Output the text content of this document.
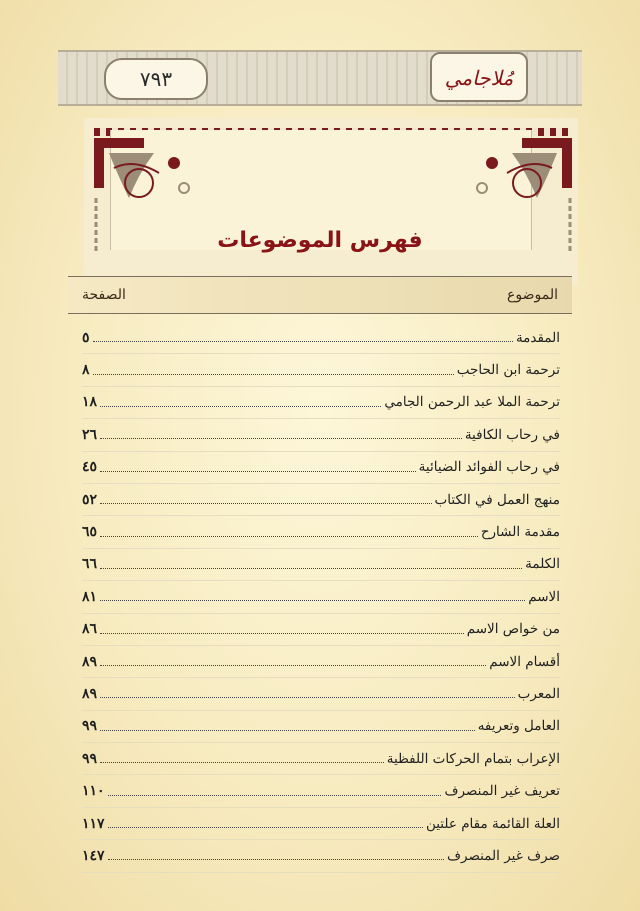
٧٩٣	مُلاجامي
فهرس الموضوعات
الموضوع
الصفحة
المقدمة
٥
ترحمة ابن الحاجب
٨
ترحمة الملا عبد الرحمن الجامي
١٨
في رحاب الكافية
٢٦
في رحاب الفوائد الضيائية
٤٥
منهج العمل في الكتاب
٥٢
مقدمة الشارح
٦٥
الكلمة
٦٦
الاسم
٨١
من خواص الاسم
٨٦
أقسام الاسم
٨٩
المعرب
٨٩
العامل وتعريفه
٩٩
الإعراب بتمام الحركات اللفظية
٩٩
تعريف غير المنصرف
١١٠
العلة القائمة مقام علتين
١١٧
صرف غير المنصرف
١٤٧
